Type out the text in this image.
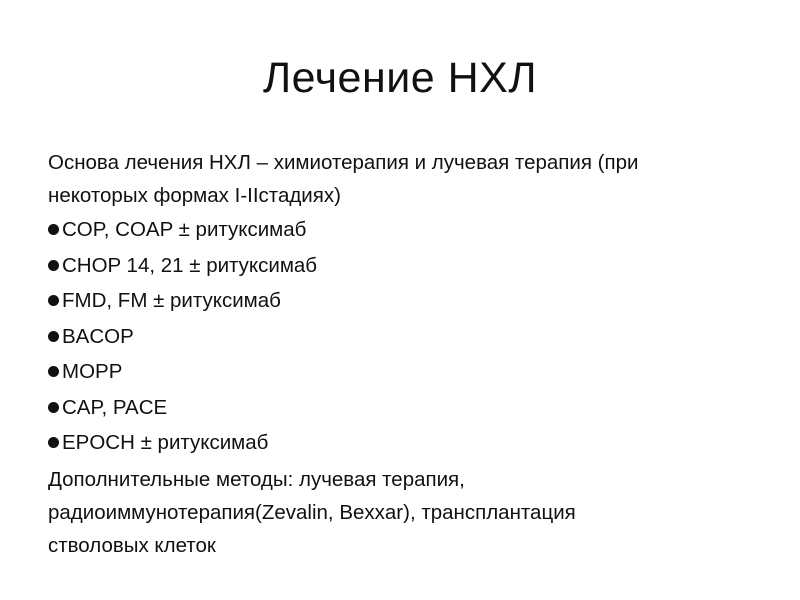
Лечение НХЛ

Основа лечения НХЛ – химиотерапия и лучевая терапия (при
некоторых формах I-IIстадиях)

COP, COAP ± ритуксимаб
CHOP 14, 21 ± ритуксимаб
FMD, FM ± ритуксимаб
BACOP
MOPP
CAP, PACE
EPOCH ± ритуксимаб

Дополнительные методы: лучевая терапия,
радиоиммунотерапия(Zevalin, Bexxar), трансплантация
стволовых клеток
